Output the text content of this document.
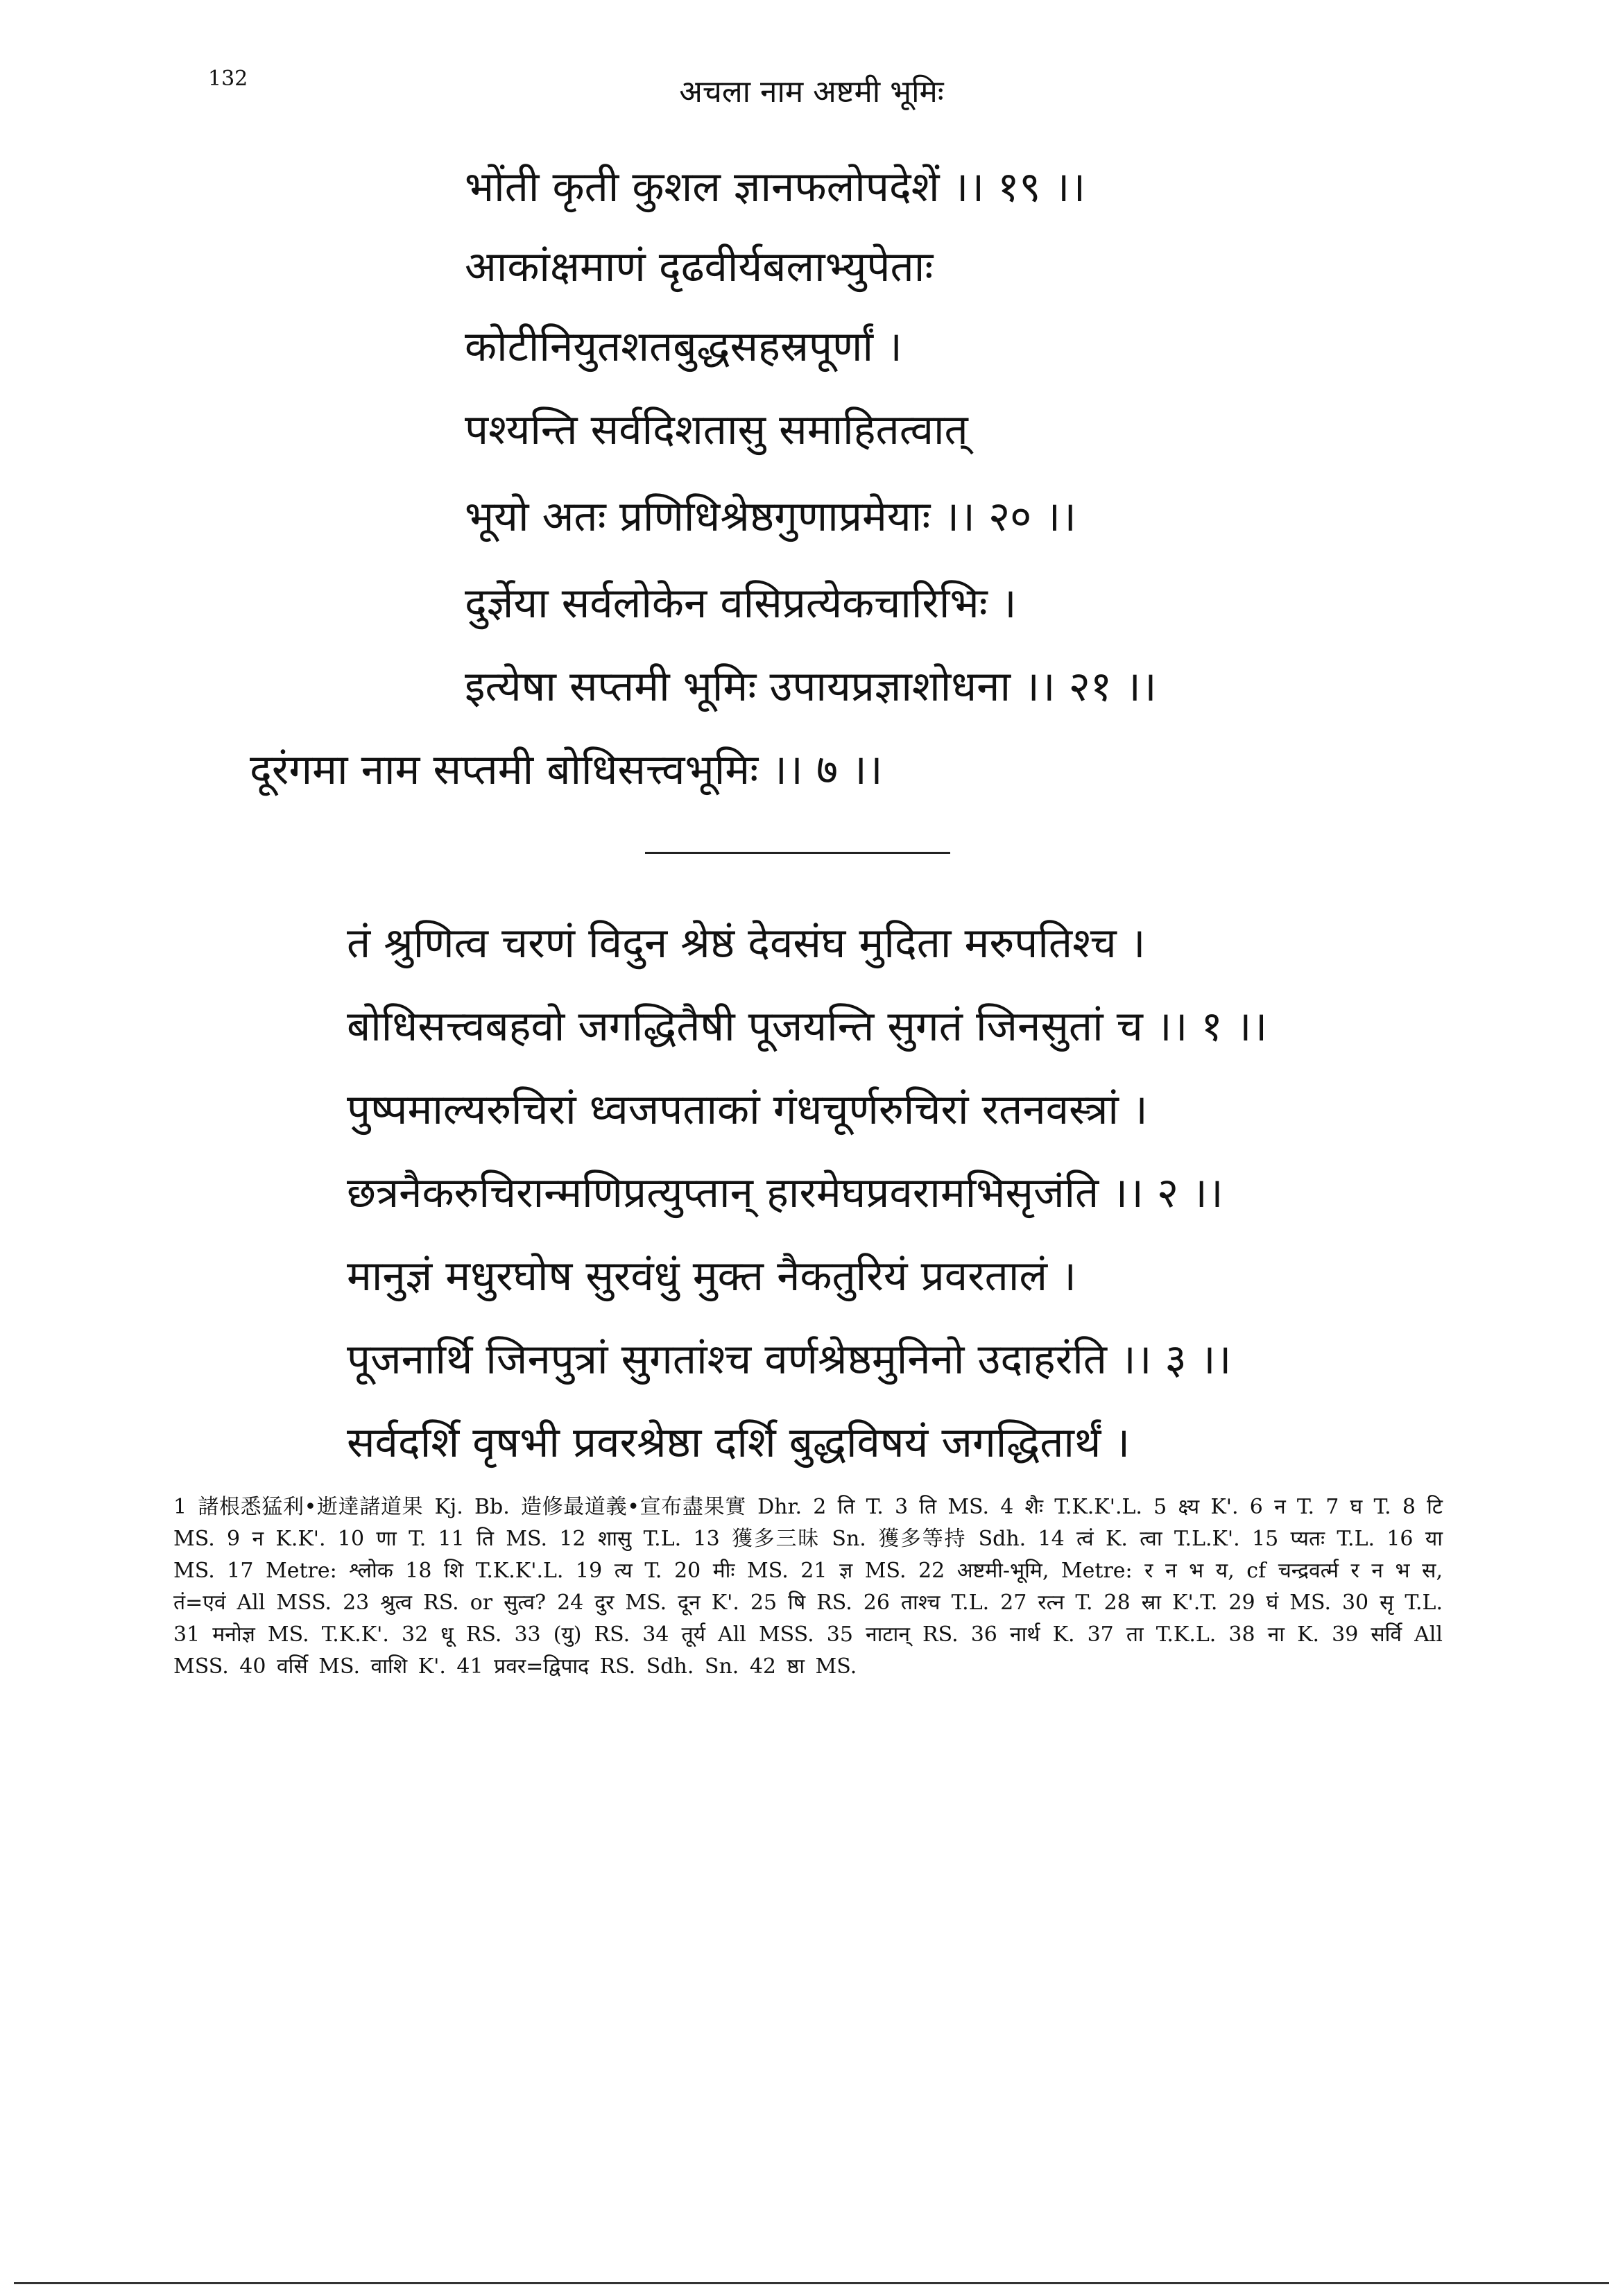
132	अचला नाम अष्टमी भूमिः
भोंती कृती कुशल ज्ञानफलोपदेशें ।। १९ ।।
आकांक्षमाणं दृढवीर्यबलाभ्युपेताः
कोटीनियुतशतबुद्धसहस्रपूर्णां ।
पश्यन्ति सर्वदिशतासु समाहितत्वात्
भूयो अतः प्रणिधिश्रेष्ठगुणाप्रमेयाः ।। २० ।।
दुर्ज्ञेया सर्वलोकेन वसिप्रत्येकचारिभिः ।
इत्येषा सप्तमी भूमिः उपायप्रज्ञाशोधना ।। २१ ।।
दूरंगमा नाम सप्तमी बोधिसत्त्वभूमिः ।। ७ ।।
तं श्रुणित्व चरणं विदुन श्रेष्ठं देवसंघ मुदिता मरुपतिश्च ।
बोधिसत्त्वबहवो जगद्धितैषी पूजयन्ति सुगतं जिनसुतां च ।। १ ।।
पुष्पमाल्यरुचिरां ध्वजपताकां गंधचूर्णरुचिरां रतनवस्त्रां ।
छत्रनैकरुचिरान्मणिप्रत्युप्तान् हारमेघप्रवरामभिसृजंति ।। २ ।।
मानुज्ञं मधुरघोष सुरवंधुं मुक्त नैकतुरियं प्रवरतालं ।
पूजनार्थि जिनपुत्रां सुगतांश्च वर्णश्रेष्ठमुनिनो उदाहरंति ।। ३ ।।
सर्वदर्शि वृषभी प्रवरश्रेष्ठा दर्शि बुद्धविषयं जगद्धितार्थं ।
1 諸根悉猛利•逝達諸道果 Kj. Bb. 造修最道義•宣布盡果實 Dhr. 2 ति T. 3 ति MS. 4 शैः T.K.K'.L. 5 क्ष्य K'. 6 न T. 7 घ T. 8 टि MS. 9 न K.K'. 10 णा T. 11 ति MS. 12 शासु T.L. 13 獲多三昧 Sn. 獲多等持 Sdh. 14 त्वं K. त्वा T.L.K'. 15 प्यतः T.L. 16 या MS. 17 Metre: श्लोक 18 शि T.K.K'.L. 19 त्य T. 20 मीः MS. 21 ज्ञ MS. 22 अष्टमी-भूमि, Metre: र न भ य, cf चन्द्रवर्त्म र न भ स, तं=एवं All MSS. 23 श्रुत्व RS. or सुत्व? 24 दुर MS. दून K'. 25 षि RS. 26 ताश्च T.L. 27 रत्न T. 28 स्रा K'.T. 29 घं MS. 30 सृ T.L. 31 मनोज्ञ MS. T.K.K'. 32 धू RS. 33 (यु) RS. 34 तूर्य All MSS. 35 नाटान् RS. 36 नार्थ K. 37 ता T.K.L. 38 ना K. 39 सर्वि All MSS. 40 वर्सि MS. वाशि K'. 41 प्रवर=द्विपाद RS. Sdh. Sn. 42 ष्ठा MS.
